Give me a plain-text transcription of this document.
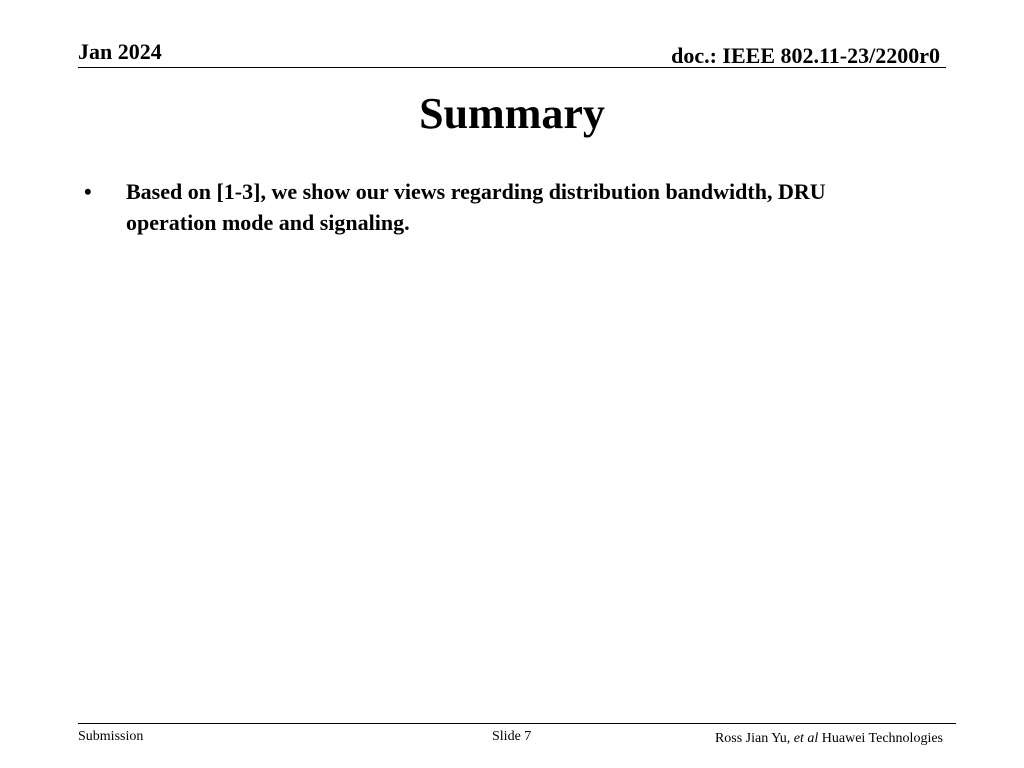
Jan 2024	doc.: IEEE 802.11-23/2200r0
Summary
• Based on [1-3], we show our views regarding distribution bandwidth, DRU operation mode and signaling.
Submission	Slide 7	Ross Jian Yu, et al Huawei Technologies
